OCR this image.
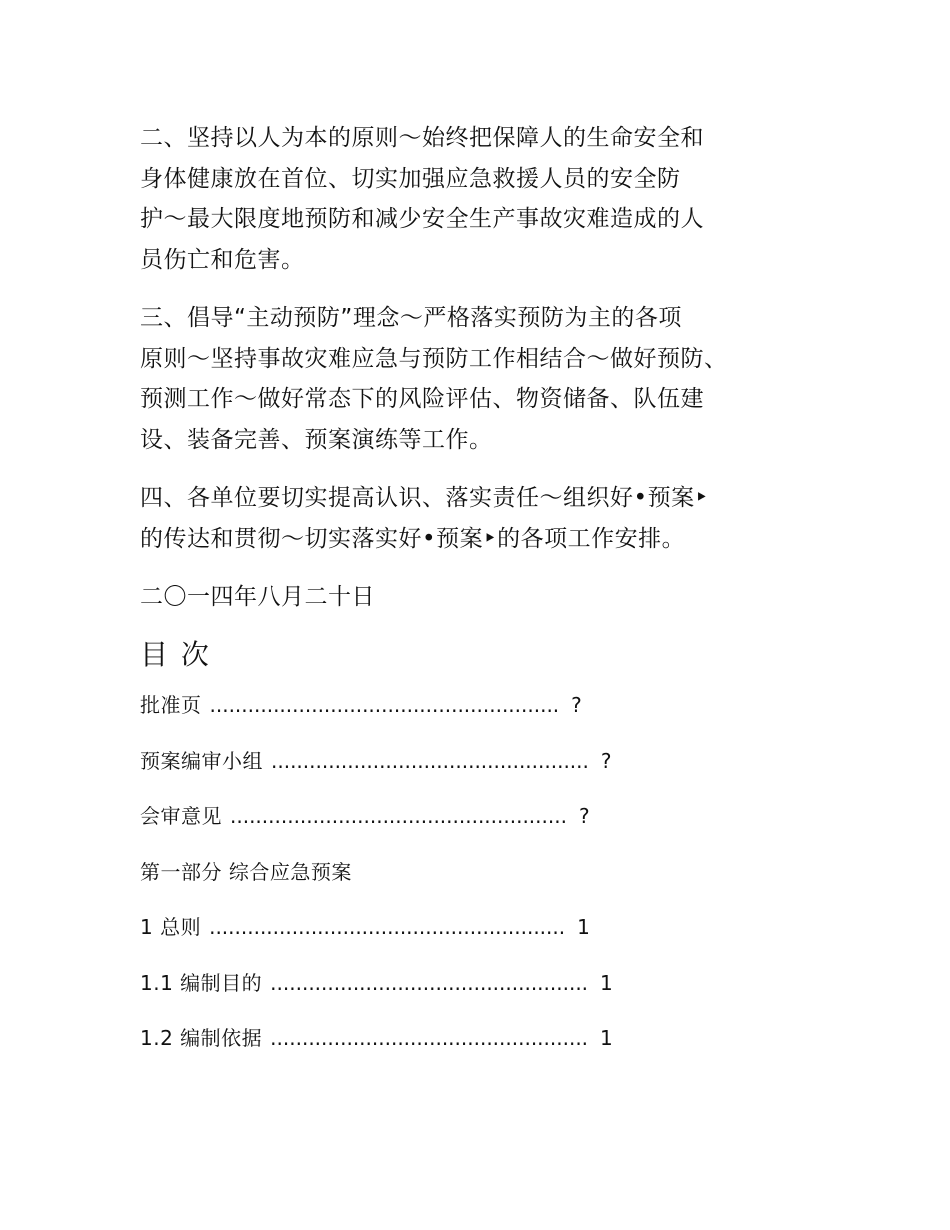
二、坚持以人为本的原则～始终把保障人的生命安全和
身体健康放在首位、切实加强应急救援人员的安全防
护～最大限度地预防和减少安全生产事故灾难造成的人
员伤亡和危害。

三、倡导“主动预防”理念～严格落实预防为主的各项
原则～坚持事故灾难应急与预防工作相结合～做好预防、
预测工作～做好常态下的风险评估、物资储备、队伍建
设、装备完善、预案演练等工作。

四、各单位要切实提高认识、落实责任～组织好•预案‣
的传达和贯彻～切实落实好•预案‣的各项工作安排。

二〇一四年八月二十日
目 次
批准页 ....................................................... ?
预案编审小组 .................................................. ?
会审意见 ..................................................... ?
第一部分 综合应急预案
1 总则 ........................................................ 1
1.1 编制目的 .................................................. 1
1.2 编制依据 .................................................. 1
